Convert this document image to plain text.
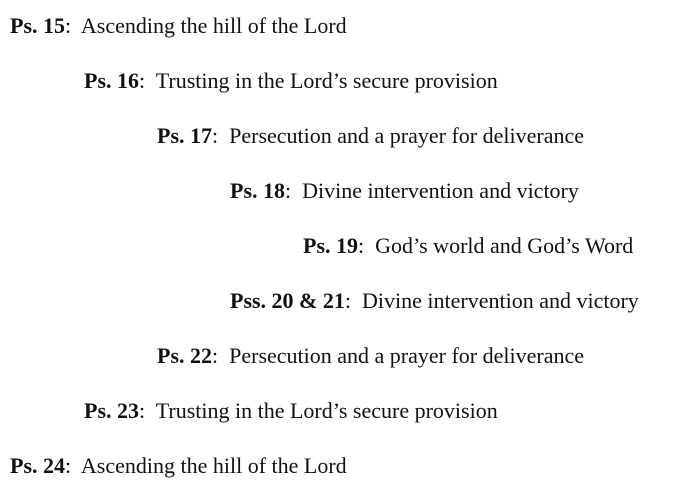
Ps. 15:  Ascending the hill of the Lord
Ps. 16:  Trusting in the Lord’s secure provision
Ps. 17:  Persecution and a prayer for deliverance
Ps. 18:  Divine intervention and victory
Ps. 19:  God’s world and God’s Word
Pss. 20 & 21:  Divine intervention and victory
Ps. 22:  Persecution and a prayer for deliverance
Ps. 23:  Trusting in the Lord’s secure provision
Ps. 24:  Ascending the hill of the Lord
